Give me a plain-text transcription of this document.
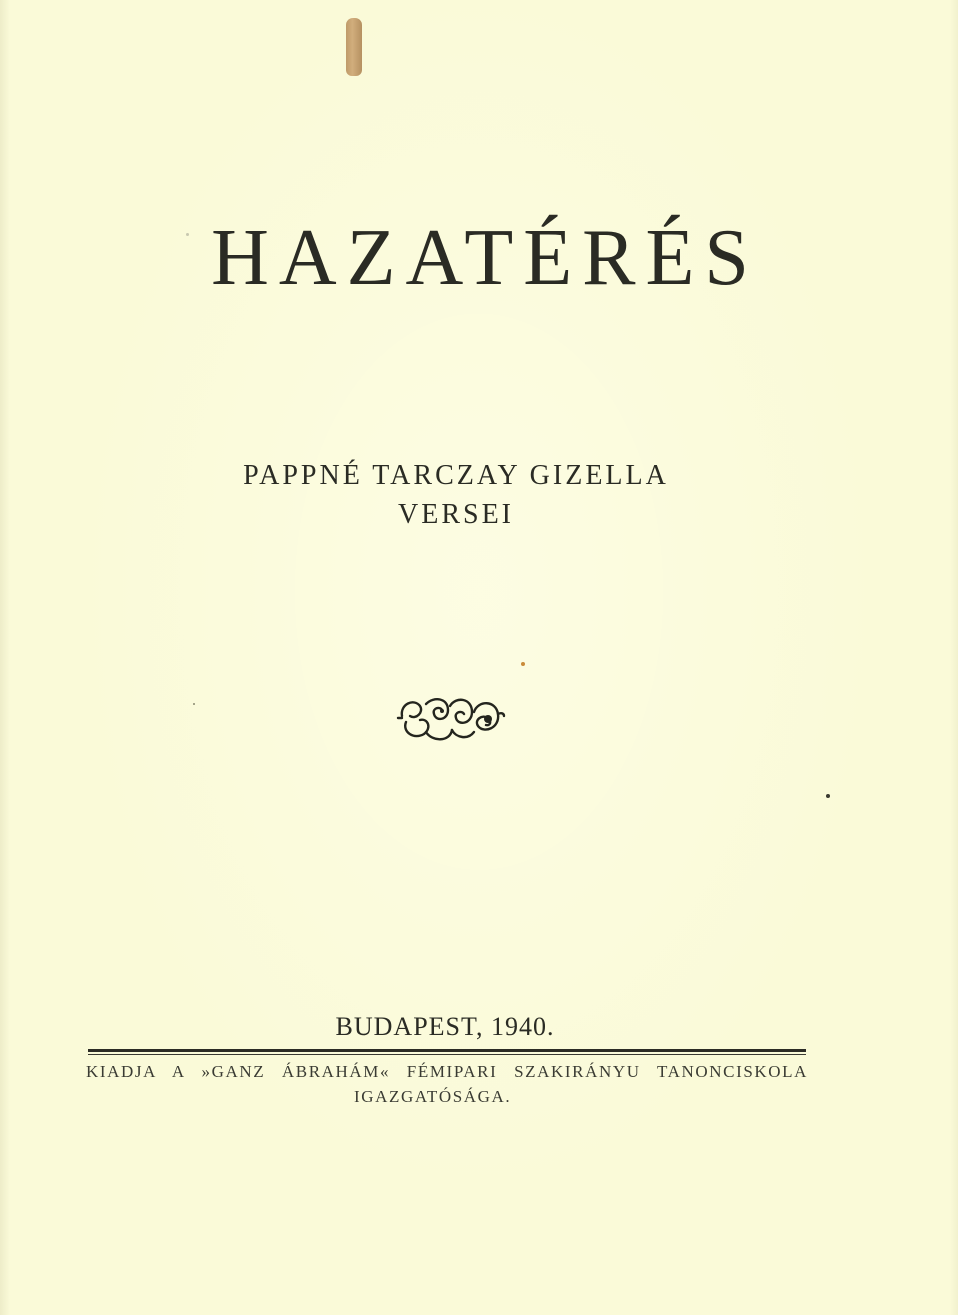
HAZATÉRÉS
PAPPNÉ TARCZAY GIZELLA
VERSEI
BUDAPEST, 1940.
KIADJA A »GANZ ÁBRAHÁM« FÉMIPARI SZAKIRÁNYU TANONCISKOLA
IGAZGATÓSÁGA.
